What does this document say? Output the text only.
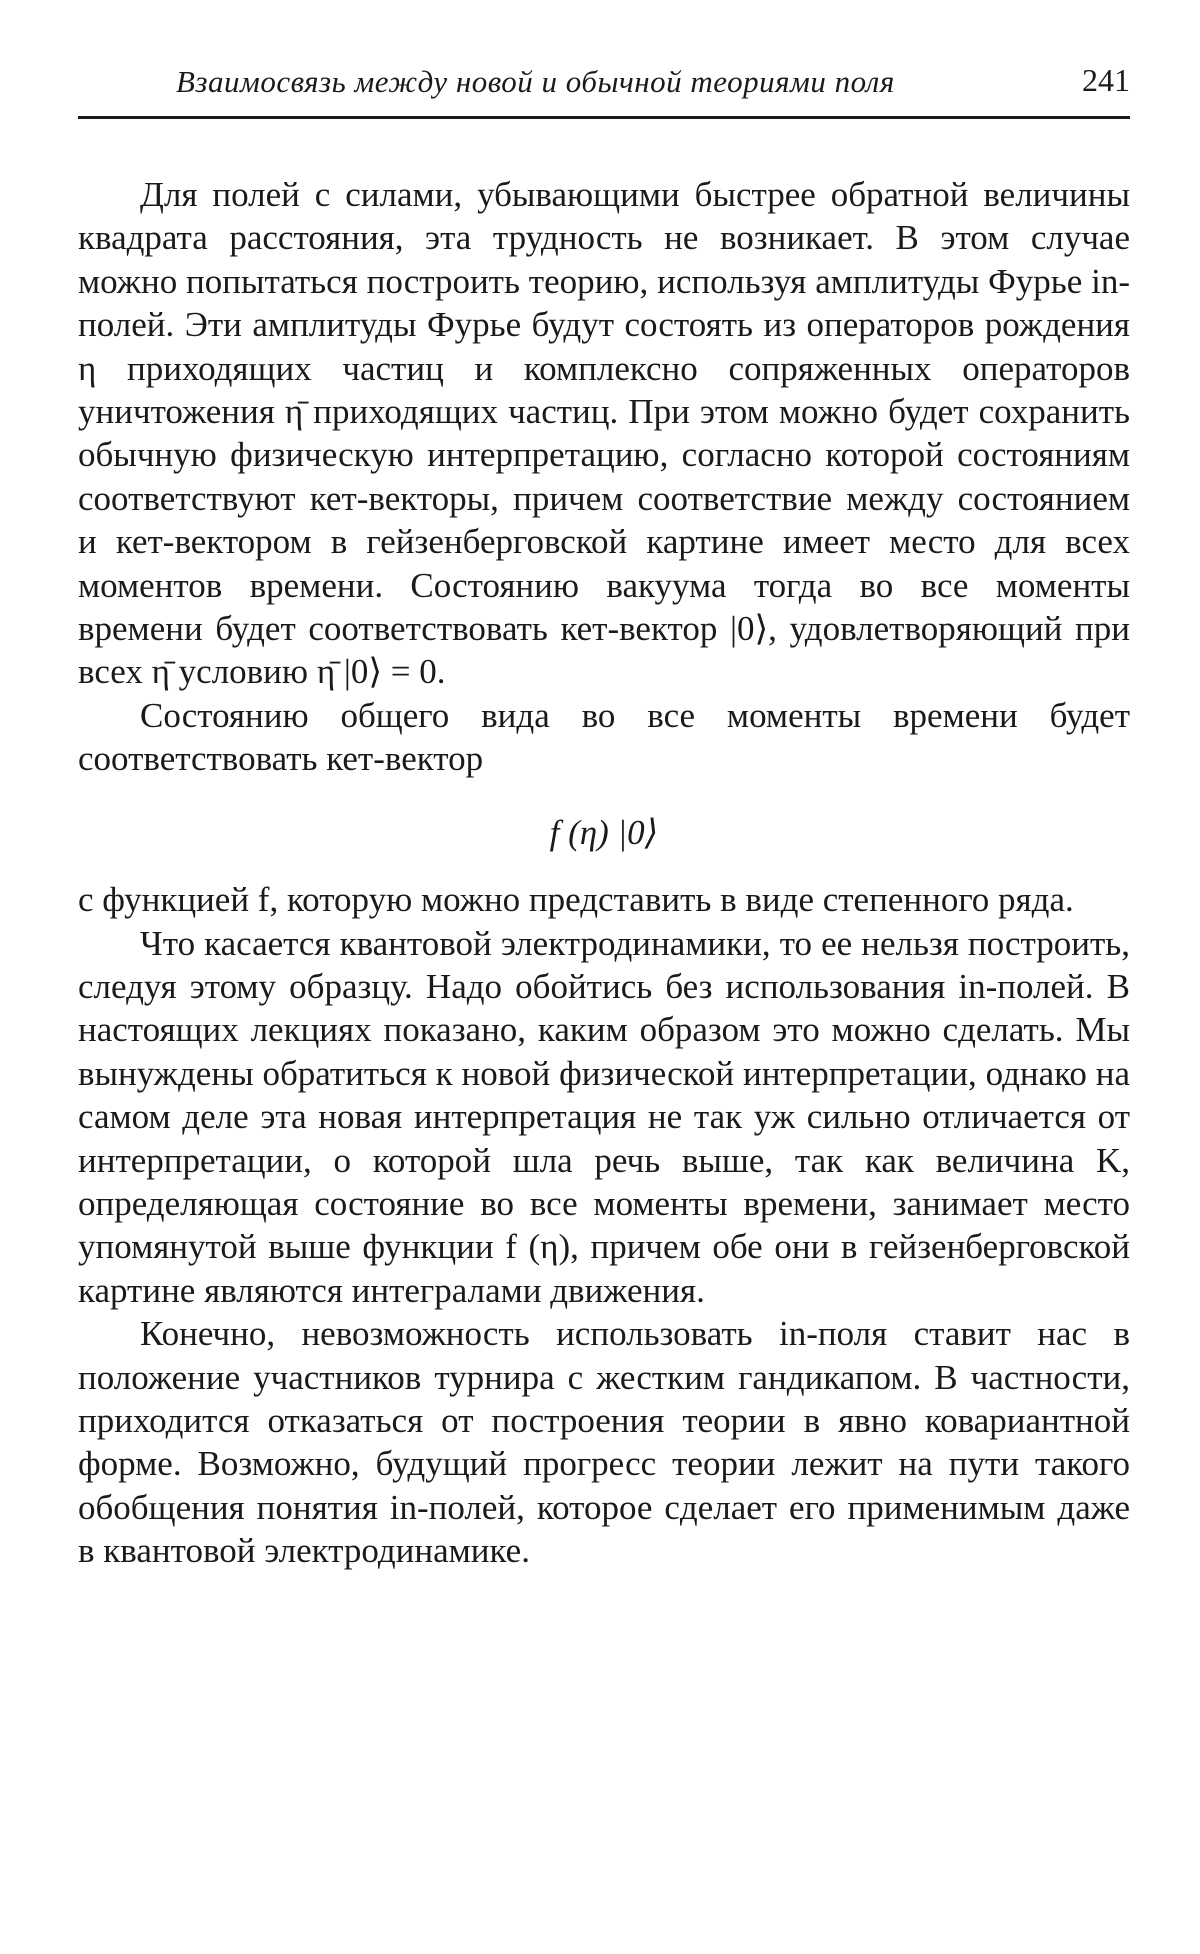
Взаимосвязь между новой и обычной теориями поля	241

Для полей с силами, убывающими быстрее обратной величины квадрата расстояния, эта трудность не возникает. В этом случае можно попытаться построить теорию, используя амплитуды Фурье in-полей. Эти амплитуды Фурье будут состоять из операторов рождения η приходящих частиц и комплексно сопряженных операторов уничтожения η̄ приходящих частиц. При этом можно будет сохранить обычную физическую интерпретацию, согласно которой состояниям соответствуют кет-векторы, причем соответствие между состоянием и кет-вектором в гейзенберговской картине имеет место для всех моментов времени. Состоянию вакуума тогда во все моменты времени будет соответствовать кет-вектор |0⟩, удовлетворяющий при всех η̄ условию η̄ |0⟩ = 0.

Состоянию общего вида во все моменты времени будет соответствовать кет-вектор

f (η) |0⟩

с функцией f, которую можно представить в виде степенного ряда.

Что касается квантовой электродинамики, то ее нельзя построить, следуя этому образцу. Надо обойтись без использования in-полей. В настоящих лекциях показано, каким образом это можно сделать. Мы вынуждены обратиться к новой физической интерпретации, однако на самом деле эта новая интерпретация не так уж сильно отличается от интерпретации, о которой шла речь выше, так как величина K, определяющая состояние во все моменты времени, занимает место упомянутой выше функции f (η), причем обе они в гейзенберговской картине являются интегралами движения.

Конечно, невозможность использовать in-поля ставит нас в положение участников турнира с жестким гандикапом. В частности, приходится отказаться от построения теории в явно ковариантной форме. Возможно, будущий прогресс теории лежит на пути такого обобщения понятия in-полей, которое сделает его применимым даже в квантовой электродинамике.
